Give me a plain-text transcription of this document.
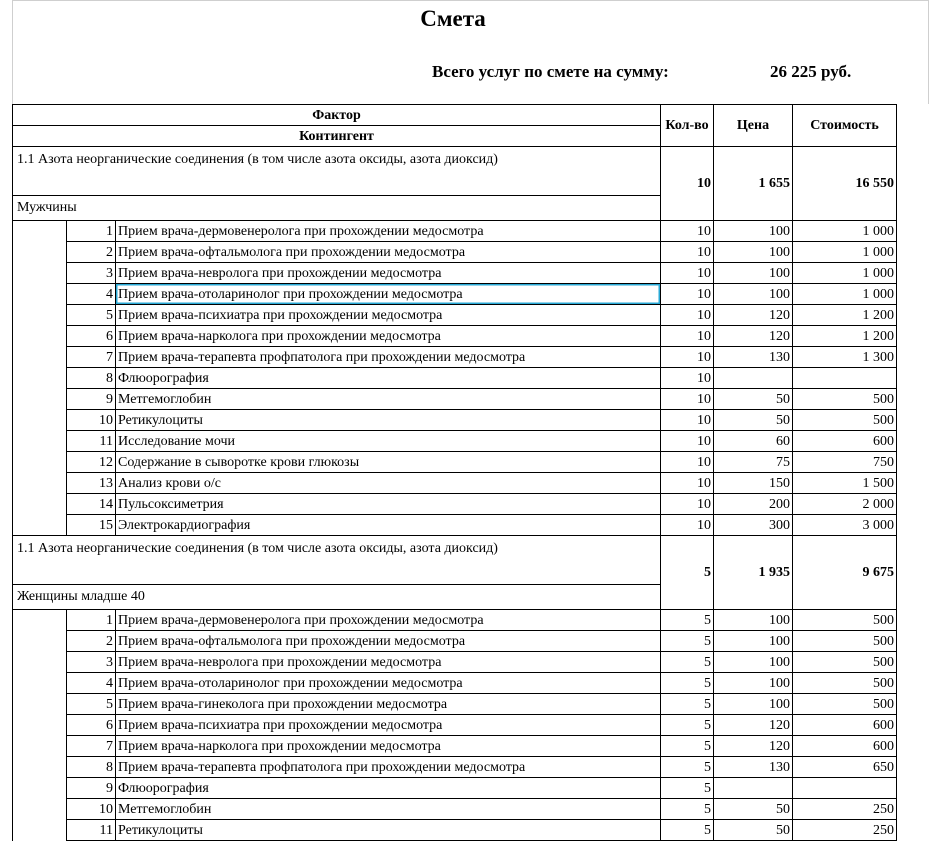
Смета
Всего услуг по смете на сумму:	26 225 руб.
Фактор			Кол-во	Цена	Стоимость
Контингент					
1.1 Азота неорганические соединения (в том числе азота оксиды, азота диоксид)			10	1 655	16 550
Мужчины					
	1	Прием врача-дермовенеролога при прохождении медосмотра	10	100	1 000
	2	Прием врача-офтальмолога при прохождении медосмотра	10	100	1 000
	3	Прием врача-невролога при прохождении медосмотра	10	100	1 000
	4	Прием врача-отоларинолог при прохождении медосмотра	10	100	1 000
	5	Прием врача-психиатра при прохождении медосмотра	10	120	1 200
	6	Прием врача-нарколога при прохождении медосмотра	10	120	1 200
	7	Прием врача-терапевта профпатолога при прохождении медосмотра	10	130	1 300
	8	Флюорография	10		
	9	Метгемоглобин	10	50	500
	10	Ретикулоциты	10	50	500
	11	Исследование мочи	10	60	600
	12	Содержание в сыворотке крови глюкозы	10	75	750
	13	Анализ крови о/с	10	150	1 500
	14	Пульсоксиметрия	10	200	2 000
	15	Электрокардиография	10	300	3 000
1.1 Азота неорганические соединения (в том числе азота оксиды, азота диоксид)			5	1 935	9 675
Женщины младше 40					
	1	Прием врача-дермовенеролога при прохождении медосмотра	5	100	500
	2	Прием врача-офтальмолога при прохождении медосмотра	5	100	500
	3	Прием врача-невролога при прохождении медосмотра	5	100	500
	4	Прием врача-отоларинолог при прохождении медосмотра	5	100	500
	5	Прием врача-гинеколога при прохождении медосмотра	5	100	500
	6	Прием врача-психиатра при прохождении медосмотра	5	120	600
	7	Прием врача-нарколога при прохождении медосмотра	5	120	600
	8	Прием врача-терапевта профпатолога при прохождении медосмотра	5	130	650
	9	Флюорография	5		
	10	Метгемоглобин	5	50	250
	11	Ретикулоциты	5	50	250
